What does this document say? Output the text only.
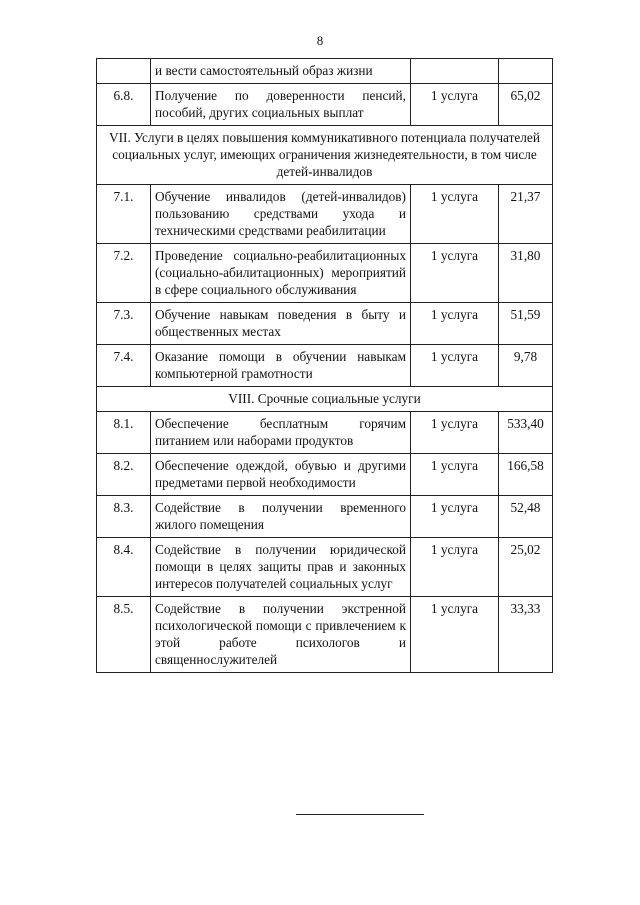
8
	и вести самостоятельный образ жизни		
6.8.	Получение по доверенности пенсий, пособий, других социальных выплат	1 услуга	65,02
VII. Услуги в целях повышения коммуникативного потенциала получателей социальных услуг, имеющих ограничения жизнедеятельности, в том числе детей-инвалидов			
7.1.	Обучение инвалидов (детей-инвалидов) пользованию средствами ухода и техническими средствами реабилитации	1 услуга	21,37
7.2.	Проведение социально-реабилитационных (социально-абилитационных) мероприятий в сфере социального обслуживания	1 услуга	31,80
7.3.	Обучение навыкам поведения в быту и общественных местах	1 услуга	51,59
7.4.	Оказание помощи в обучении навыкам компьютерной грамотности	1 услуга	9,78
VIII. Срочные социальные услуги			
8.1.	Обеспечение бесплатным горячим питанием или наборами продуктов	1 услуга	533,40
8.2.	Обеспечение одеждой, обувью и другими предметами первой необходимости	1 услуга	166,58
8.3.	Содействие в получении временного жилого помещения	1 услуга	52,48
8.4.	Содействие в получении юридической помощи в целях защиты прав и законных интересов получателей социальных услуг	1 услуга	25,02
8.5.	Содействие в получении экстренной психологической помощи с привлечением к этой работе психологов и священнослужителей	1 услуга	33,33
